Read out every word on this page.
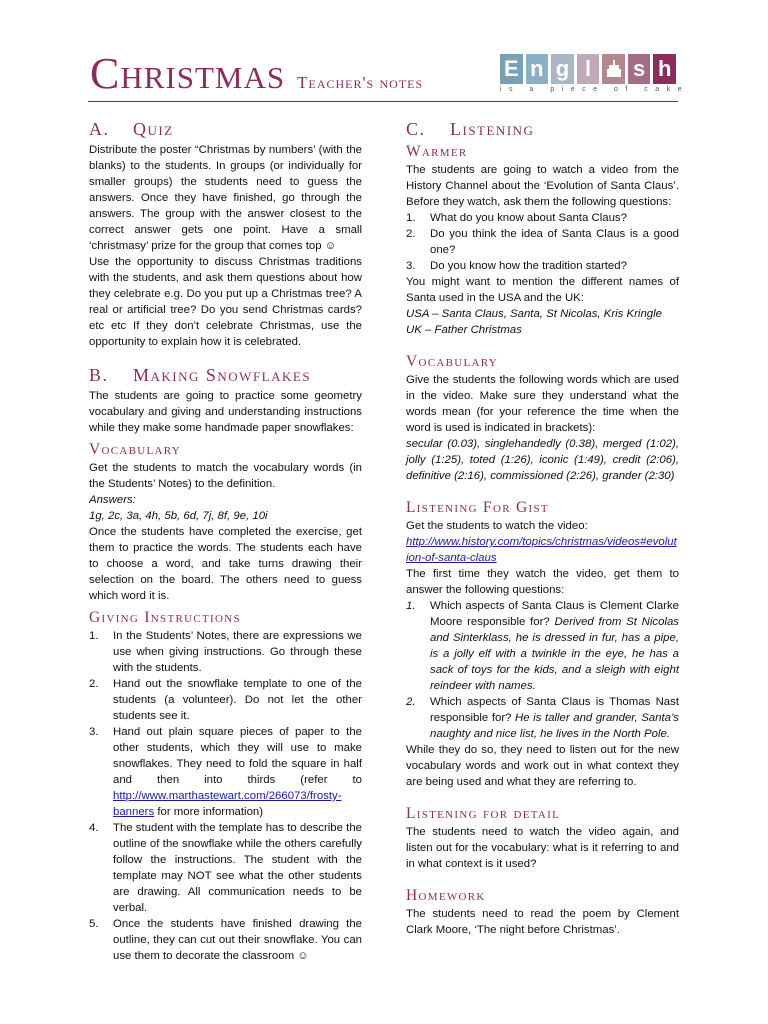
Christmas Teacher's notes
E n g l	s h
is a piece of cake
A. Quiz

Distribute the poster “Christmas by numbers’ (with the blanks) to the students. In groups (or individually for smaller groups) the students need to guess the answers. Once they have finished, go through the answers. The group with the answer closest to the correct answer gets one point. Have a small ‘christmasy’ prize for the group that comes top ☺

Use the opportunity to discuss Christmas traditions with the students, and ask them questions about how they celebrate e.g. Do you put up a Christmas tree? A real or artificial tree? Do you send Christmas cards? etc etc If they don’t celebrate Christmas, use the opportunity to explain how it is celebrated.

B. Making Snowflakes

The students are going to practice some geometry vocabulary and giving and understanding instructions while they make some handmade paper snowflakes:

Vocabulary

Get the students to match the vocabulary words (in the Students’ Notes) to the definition.

Answers:

1g, 2c, 3a, 4h, 5b, 6d, 7j, 8f, 9e, 10i

Once the students have completed the exercise, get them to practice the words. The students each have to choose a word, and take turns drawing their selection on the board. The others need to guess which word it is.

Giving Instructions
1.	In the Students’ Notes, there are expressions we use when giving instructions. Go through these with the students.
2.	Hand out the snowflake template to one of the students (a volunteer). Do not let the other students see it.
3.	Hand out plain square pieces of paper to the other students, which they will use to make snowflakes. They need to fold the square in half and then into thirds (refer to http://www.marthastewart.com/266073/frosty-banners for more information)
4.	The student with the template has to describe the outline of the snowflake while the others carefully follow the instructions. The student with the template may NOT see what the other students are drawing. All communication needs to be verbal.
5.	Once the students have finished drawing the outline, they can cut out their snowflake. You can use them to decorate the classroom ☺
C. Listening
Warmer

The students are going to watch a video from the History Channel about the ‘Evolution of Santa Claus’. Before they watch, ask them the following questions:

1.	What do you know about Santa Claus?
2.	Do you think the idea of Santa Claus is a good one?
3.	Do you know how the tradition started?

You might want to mention the different names of Santa used in the USA and the UK:

USA – Santa Claus, Santa, St Nicolas, Kris Kringle

UK – Father Christmas

Vocabulary

Give the students the following words which are used in the video. Make sure they understand what the words mean (for your reference the time when the word is used is indicated in brackets):

secular (0.03), singlehandedly (0.38), merged (1:02), jolly (1:25), toted (1:26), iconic (1:49), credit (2:06), definitive (2:16), commissioned (2:26), grander (2:30)

Listening For Gist

Get the students to watch the video:

http://www.history.com/topics/christmas/videos#evolution-of-santa-claus

The first time they watch the video, get them to answer the following questions:

1.	Which aspects of Santa Claus is Clement Clarke Moore responsible for? Derived from St Nicolas and Sinterklass, he is dressed in fur, has a pipe, is a jolly elf with a twinkle in the eye, he has a sack of toys for the kids, and a sleigh with eight reindeer with names.
2.	Which aspects of Santa Claus is Thomas Nast responsible for? He is taller and grander, Santa’s naughty and nice list, he lives in the North Pole.

While they do so, they need to listen out for the new vocabulary words and work out in what context they are being used and what they are referring to.

Listening for detail

The students need to watch the video again, and listen out for the vocabulary: what is it referring to and in what context is it used?

Homework

The students need to read the poem by Clement Clark Moore, ‘The night before Christmas’.
